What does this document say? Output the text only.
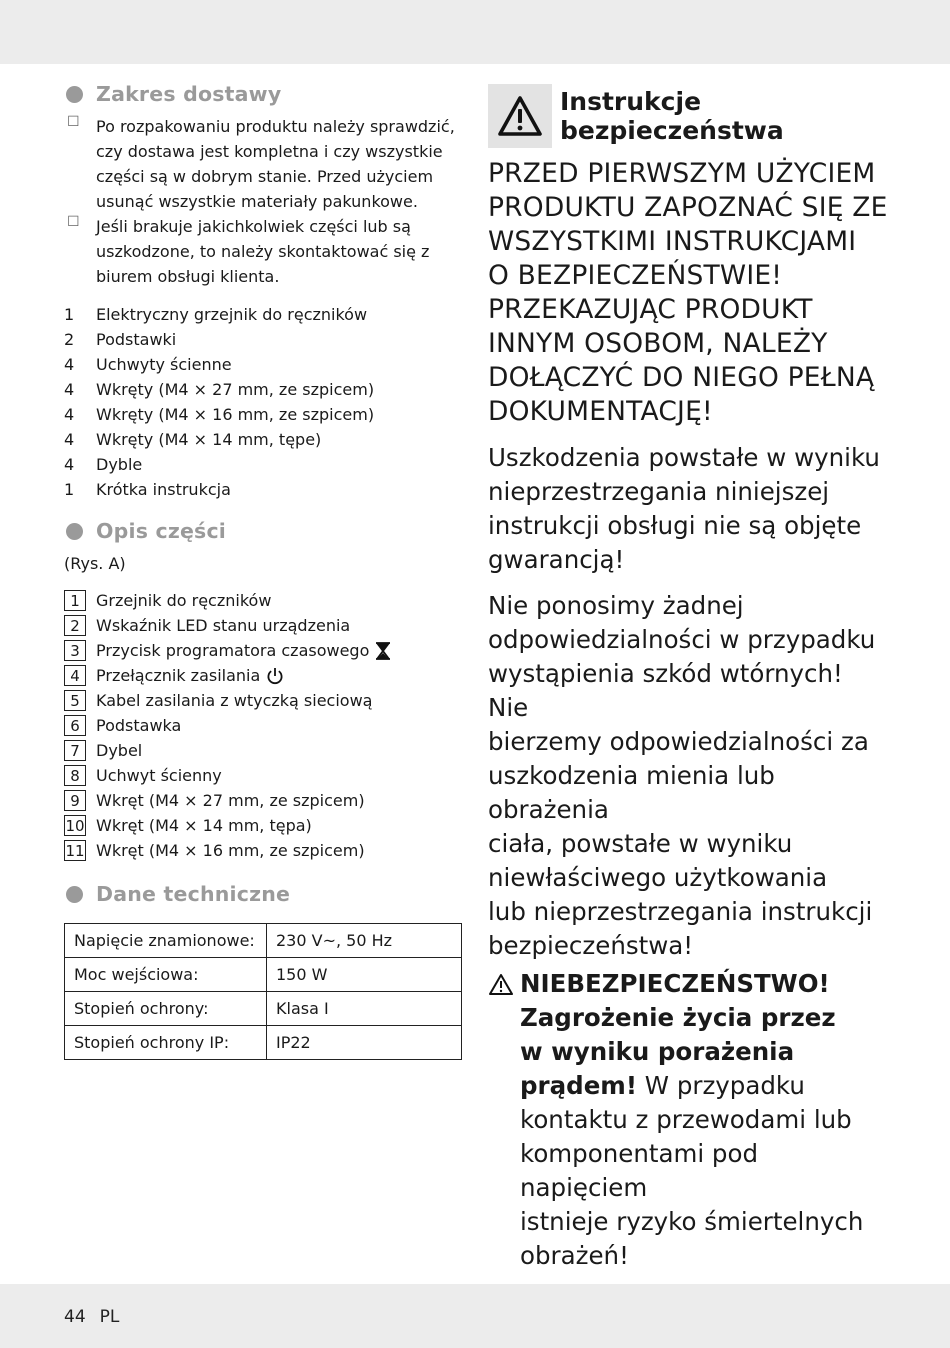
Zakres dostawy
☐	Po rozpakowaniu produktu należy sprawdzić,
czy dostawa jest kompletna i czy wszystkie
części są w dobrym stanie. Przed użyciem
usunąć wszystkie materiały pakunkowe.
☐	Jeśli brakuje jakichkolwiek części lub są
uszkodzone, to należy skontaktować się z
biurem obsługi klienta.
1	Elektryczny grzejnik do ręczników
2	Podstawki
4	Uchwyty ścienne
4	Wkręty (M4 × 27 mm, ze szpicem)
4	Wkręty (M4 × 16 mm, ze szpicem)
4	Wkręty (M4 × 14 mm, tępe)
4	Dyble
1	Krótka instrukcja
Opis części
(Rys. A)
1	Grzejnik do ręczników
2	Wskaźnik LED stanu urządzenia
3	Przycisk programatora czasowego
4	Przełącznik zasilania
5	Kabel zasilania z wtyczką sieciową
6	Podstawka
7	Dybel
8	Uchwyt ścienny
9	Wkręt (M4 × 27 mm, ze szpicem)
10 Wkręt (M4 × 14 mm, tępa)
11 Wkręt (M4 × 16 mm, ze szpicem)
Dane techniczne
Napięcie znamionowe:	230 V~, 50 Hz
Moc wejściowa:	150 W
Stopień ochrony:	Klasa I
Stopień ochrony IP:	IP22
Instrukcje
bezpieczeństwa
PRZED PIERWSZYM UŻYCIEM
PRODUKTU ZAPOZNAĆ SIĘ ZE
WSZYSTKIMI INSTRUKCJAMI
O BEZPIECZEŃSTWIE!
PRZEKAZUJĄC PRODUKT
INNYM OSOBOM, NALEŻY
DOŁĄCZYĆ DO NIEGO PEŁNĄ
DOKUMENTACJĘ!
Uszkodzenia powstałe w wyniku
nieprzestrzegania niniejszej
instrukcji obsługi nie są objęte
gwarancją!
Nie ponosimy żadnej
odpowiedzialności w przypadku
wystąpienia szkód wtórnych! Nie
bierzemy odpowiedzialności za
uszkodzenia mienia lub obrażenia
ciała, powstałe w wyniku
niewłaściwego użytkowania
lub nieprzestrzegania instrukcji
bezpieczeństwa!
NIEBEZPIECZEŃSTWO!
Zagrożenie życia przez
w wyniku porażenia
prądem! W przypadku
kontaktu z przewodami lub
komponentami pod napięciem
istnieje ryzyko śmiertelnych
obrażeń!
44 PL
